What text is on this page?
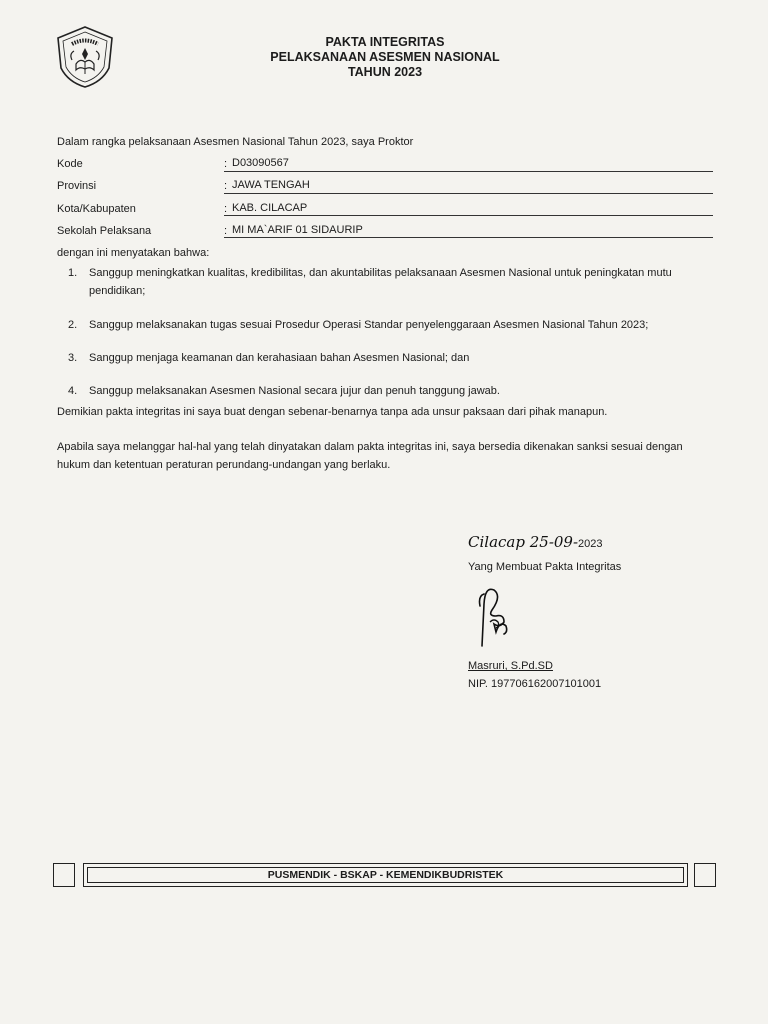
PAKTA INTEGRITAS
PELAKSANAAN ASESMEN NASIONAL
TAHUN 2023
Dalam rangka pelaksanaan Asesmen Nasional Tahun 2023, saya Proktor
Kode	: D03090567
Provinsi	: JAWA TENGAH
Kota/Kabupaten	: KAB. CILACAP
Sekolah Pelaksana	: MI MA`ARIF 01 SIDAURIP
dengan ini menyatakan bahwa:
1. Sanggup meningkatkan kualitas, kredibilitas, dan akuntabilitas pelaksanaan Asesmen Nasional untuk peningkatan mutu pendidikan;
2. Sanggup melaksanakan tugas sesuai Prosedur Operasi Standar penyelenggaraan Asesmen Nasional Tahun 2023;
3. Sanggup menjaga keamanan dan kerahasiaan bahan Asesmen Nasional; dan
4. Sanggup melaksanakan Asesmen Nasional secara jujur dan penuh tanggung jawab.
Demikian pakta integritas ini saya buat dengan sebenar-benarnya tanpa ada unsur paksaan dari pihak manapun.
Apabila saya melanggar hal-hal yang telah dinyatakan dalam pakta integritas ini, saya bersedia dikenakan sanksi sesuai dengan hukum dan ketentuan peraturan perundang-undangan yang berlaku.
Cilacap 25-09-2023
Yang Membuat Pakta Integritas
Masruri, S.Pd.SD
NIP. 197706162007101001
PUSMENDIK - BSKAP - KEMENDIKBUDRISTEK
